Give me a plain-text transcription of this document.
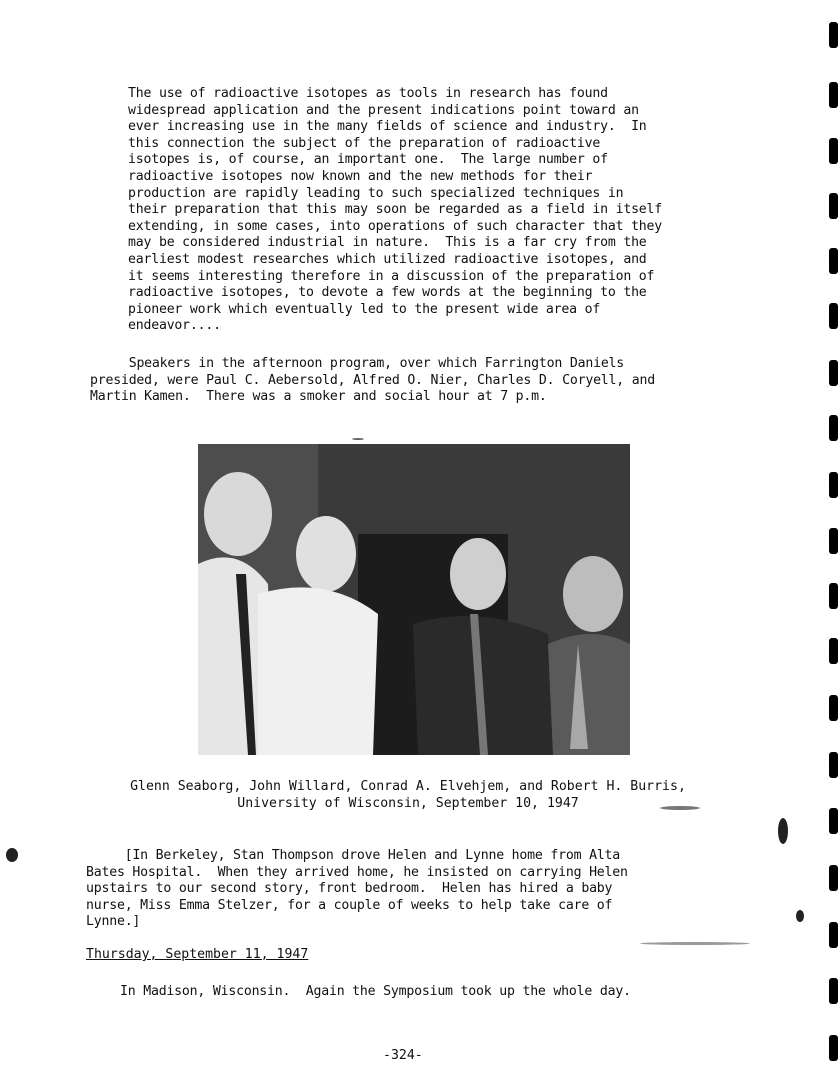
The use of radioactive isotopes as tools in research has found
widespread application and the present indications point toward an
ever increasing use in the many fields of science and industry.  In
this connection the subject of the preparation of radioactive
isotopes is, of course, an important one.  The large number of
radioactive isotopes now known and the new methods for their
production are rapidly leading to such specialized techniques in
their preparation that this may soon be regarded as a field in itself
extending, in some cases, into operations of such character that they
may be considered industrial in nature.  This is a far cry from the
earliest modest researches which utilized radioactive isotopes, and
it seems interesting therefore in a discussion of the preparation of
radioactive isotopes, to devote a few words at the beginning to the
pioneer work which eventually led to the present wide area of
endeavor....
Speakers in the afternoon program, over which Farrington Daniels
presided, were Paul C. Aebersold, Alfred O. Nier, Charles D. Coryell, and
Martin Kamen.  There was a smoker and social hour at 7 p.m.
Glenn Seaborg, John Willard, Conrad A. Elvehjem, and Robert H. Burris,
University of Wisconsin, September 10, 1947
[In Berkeley, Stan Thompson drove Helen and Lynne home from Alta
Bates Hospital.  When they arrived home, he insisted on carrying Helen
upstairs to our second story, front bedroom.  Helen has hired a baby
nurse, Miss Emma Stelzer, for a couple of weeks to help take care of
Lynne.]
Thursday, September 11, 1947
In Madison, Wisconsin.  Again the Symposium took up the whole day.
-324-
